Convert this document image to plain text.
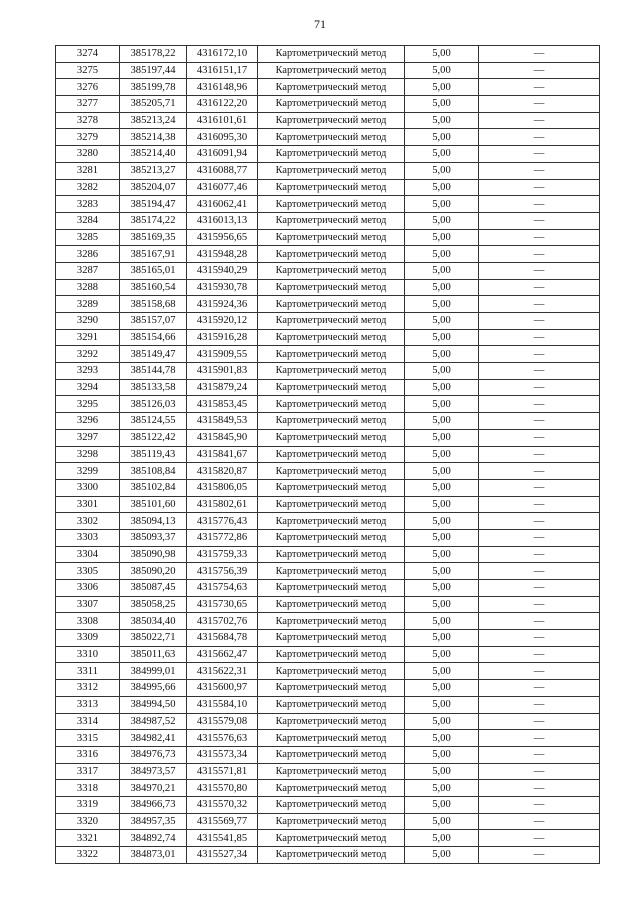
71
3274	385178,22	4316172,10	Картометрический метод	5,00	—
3275	385197,44	4316151,17	Картометрический метод	5,00	—
3276	385199,78	4316148,96	Картометрический метод	5,00	—
3277	385205,71	4316122,20	Картометрический метод	5,00	—
3278	385213,24	4316101,61	Картометрический метод	5,00	—
3279	385214,38	4316095,30	Картометрический метод	5,00	—
3280	385214,40	4316091,94	Картометрический метод	5,00	—
3281	385213,27	4316088,77	Картометрический метод	5,00	—
3282	385204,07	4316077,46	Картометрический метод	5,00	—
3283	385194,47	4316062,41	Картометрический метод	5,00	—
3284	385174,22	4316013,13	Картометрический метод	5,00	—
3285	385169,35	4315956,65	Картометрический метод	5,00	—
3286	385167,91	4315948,28	Картометрический метод	5,00	—
3287	385165,01	4315940,29	Картометрический метод	5,00	—
3288	385160,54	4315930,78	Картометрический метод	5,00	—
3289	385158,68	4315924,36	Картометрический метод	5,00	—
3290	385157,07	4315920,12	Картометрический метод	5,00	—
3291	385154,66	4315916,28	Картометрический метод	5,00	—
3292	385149,47	4315909,55	Картометрический метод	5,00	—
3293	385144,78	4315901,83	Картометрический метод	5,00	—
3294	385133,58	4315879,24	Картометрический метод	5,00	—
3295	385126,03	4315853,45	Картометрический метод	5,00	—
3296	385124,55	4315849,53	Картометрический метод	5,00	—
3297	385122,42	4315845,90	Картометрический метод	5,00	—
3298	385119,43	4315841,67	Картометрический метод	5,00	—
3299	385108,84	4315820,87	Картометрический метод	5,00	—
3300	385102,84	4315806,05	Картометрический метод	5,00	—
3301	385101,60	4315802,61	Картометрический метод	5,00	—
3302	385094,13	4315776,43	Картометрический метод	5,00	—
3303	385093,37	4315772,86	Картометрический метод	5,00	—
3304	385090,98	4315759,33	Картометрический метод	5,00	—
3305	385090,20	4315756,39	Картометрический метод	5,00	—
3306	385087,45	4315754,63	Картометрический метод	5,00	—
3307	385058,25	4315730,65	Картометрический метод	5,00	—
3308	385034,40	4315702,76	Картометрический метод	5,00	—
3309	385022,71	4315684,78	Картометрический метод	5,00	—
3310	385011,63	4315662,47	Картометрический метод	5,00	—
3311	384999,01	4315622,31	Картометрический метод	5,00	—
3312	384995,66	4315600,97	Картометрический метод	5,00	—
3313	384994,50	4315584,10	Картометрический метод	5,00	—
3314	384987,52	4315579,08	Картометрический метод	5,00	—
3315	384982,41	4315576,63	Картометрический метод	5,00	—
3316	384976,73	4315573,34	Картометрический метод	5,00	—
3317	384973,57	4315571,81	Картометрический метод	5,00	—
3318	384970,21	4315570,80	Картометрический метод	5,00	—
3319	384966,73	4315570,32	Картометрический метод	5,00	—
3320	384957,35	4315569,77	Картометрический метод	5,00	—
3321	384892,74	4315541,85	Картометрический метод	5,00	—
3322	384873,01	4315527,34	Картометрический метод	5,00	—
